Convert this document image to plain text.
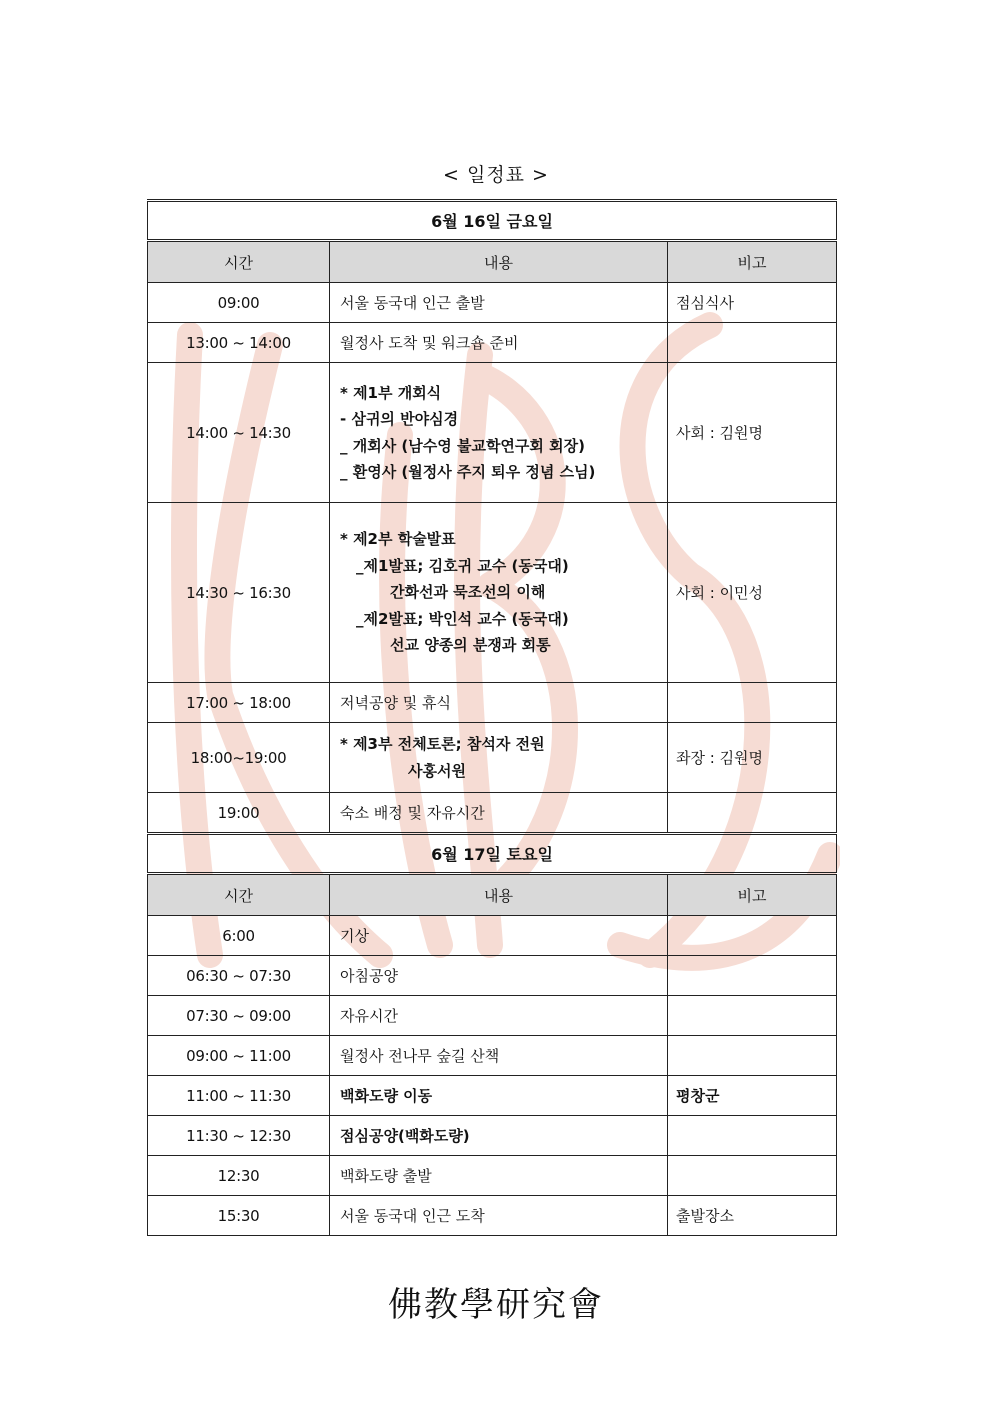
< 일정표 >
6월 16일 금요일		
시간	내용	비고
09:00	서울 동국대 인근 출발	점심식사
13:00 ~ 14:00	월정사 도착 및 워크숍 준비	
14:00 ~ 14:30	* 제1부 개회식
- 삼귀의 반야심경
_ 개회사 (남수영 불교학연구회 회장)
_ 환영사 (월정사 주지 퇴우 정념 스님)	사회 : 김원명
14:30 ~ 16:30	* 제2부 학술발표
_제1발표; 김호귀 교수 (동국대)
간화선과 묵조선의 이해
_제2발표; 박인석 교수 (동국대)
선교 양종의 분쟁과 회통	사회 : 이민성
17:00 ~ 18:00	저녁공양 및 휴식	
18:00~19:00	* 제3부 전체토론; 참석자 전원
사홍서원	좌장 : 김원명
19:00	숙소 배정 및 자유시간	
6월 17일 토요일		
시간	내용	비고
6:00	기상	
06:30 ~ 07:30	아침공양	
07:30 ~ 09:00	자유시간	
09:00 ~ 11:00	월정사 전나무 숲길 산책	
11:00 ~ 11:30	백화도량 이동	평창군
11:30 ~ 12:30	점심공양(백화도량)	
12:30	백화도량 출발	
15:30	서울 동국대 인근 도착	출발장소
佛教學研究會
